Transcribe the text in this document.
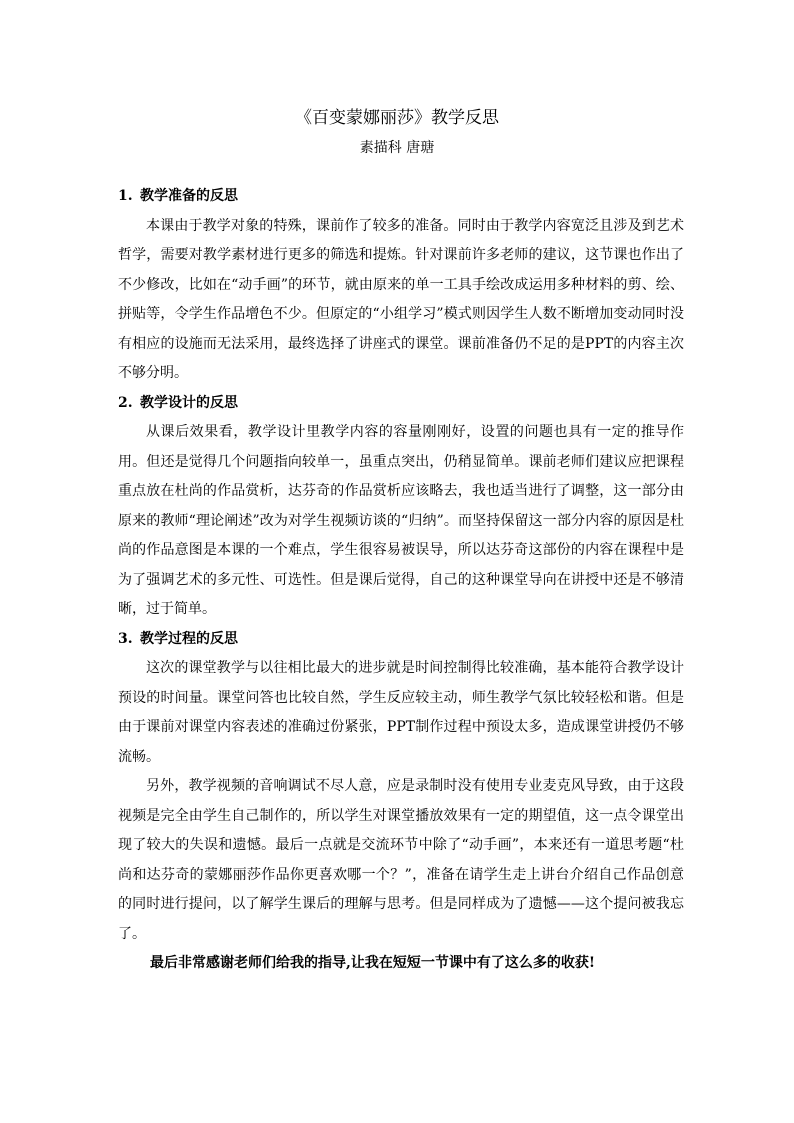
《百变蒙娜丽莎》教学反思
素描科 唐瑭

1. 教学准备的反思

本课由于教学对象的特殊，课前作了较多的准备。同时由于教学内容宽泛且涉及到艺术哲学，需要对教学素材进行更多的筛选和提炼。针对课前许多老师的建议，这节课也作出了不少修改，比如在“动手画”的环节，就由原来的单一工具手绘改成运用多种材料的剪、绘、拼贴等，令学生作品增色不少。但原定的“小组学习”模式则因学生人数不断增加变动同时没有相应的设施而无法采用，最终选择了讲座式的课堂。课前准备仍不足的是PPT的内容主次不够分明。

2. 教学设计的反思

从课后效果看，教学设计里教学内容的容量刚刚好，设置的问题也具有一定的推导作用。但还是觉得几个问题指向较单一，虽重点突出，仍稍显简单。课前老师们建议应把课程重点放在杜尚的作品赏析，达芬奇的作品赏析应该略去，我也适当进行了调整，这一部分由原来的教师“理论阐述”改为对学生视频访谈的“归纳”。而坚持保留这一部分内容的原因是杜尚的作品意图是本课的一个难点，学生很容易被误导，所以达芬奇这部份的内容在课程中是为了强调艺术的多元性、可选性。但是课后觉得，自己的这种课堂导向在讲授中还是不够清晰，过于简单。

3. 教学过程的反思

这次的课堂教学与以往相比最大的进步就是时间控制得比较准确，基本能符合教学设计预设的时间量。课堂问答也比较自然，学生反应较主动，师生教学气氛比较轻松和谐。但是由于课前对课堂内容表述的准确过份紧张，PPT制作过程中预设太多，造成课堂讲授仍不够流畅。

另外，教学视频的音响调试不尽人意，应是录制时没有使用专业麦克风导致，由于这段视频是完全由学生自己制作的，所以学生对课堂播放效果有一定的期望值，这一点令课堂出现了较大的失误和遗憾。最后一点就是交流环节中除了“动手画”，本来还有一道思考题“杜尚和达芬奇的蒙娜丽莎作品你更喜欢哪一个？”，准备在请学生走上讲台介绍自己作品创意的同时进行提问，以了解学生课后的理解与思考。但是同样成为了遗憾——这个提问被我忘了。

最后非常感谢老师们给我的指导,让我在短短一节课中有了这么多的收获!
